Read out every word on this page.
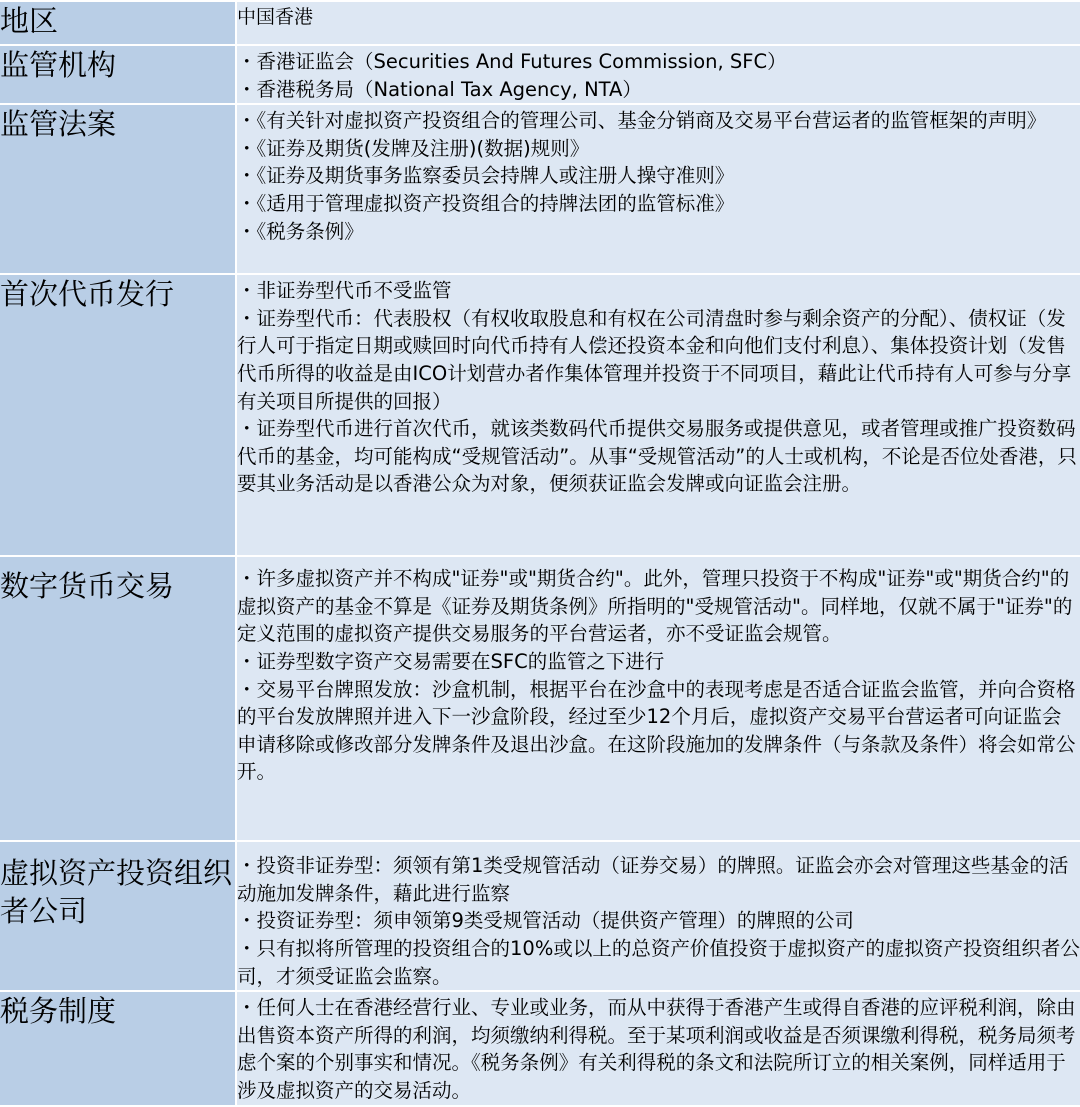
地区	中国香港

监管机构	・ 香港证监会（Securities And Futures Commission, SFC）
・ 香港税务局（National Tax Agency, NTA）

监管法案	・ 《有关针对虚拟资产投资组合的管理公司、基金分销商及交易平台营运者的监管框架的声明》
・ 《证券及期货(发牌及注册)(数据)规则》
・ 《证券及期货事务监察委员会持牌人或注册人操守准则》
・ 《适用于管理虚拟资产投资组合的持牌法团的监管标准》
・ 《税务条例》

首次代币发行	・ 非证券型代币不受监管
・ 证券型代币：代表股权（有权收取股息和有权在公司清盘时参与剩余资产的分配）、债权证（发行人可于指定日期或赎回时向代币持有人偿还投资本金和向他们支付利息）、集体投资计划（发售代币所得的收益是由ICO计划营办者作集体管理并投资于不同项目，藉此让代币持有人可参与分享有关项目所提供的回报）
・ 证券型代币进行首次代币，就该类数码代币提供交易服务或提供意见，或者管理或推广投资数码代币的基金，均可能构成“受规管活动”。从事“受规管活动”的人士或机构，不论是否位处香港，只要其业务活动是以香港公众为对象，便须获证监会发牌或向证监会注册。

数字货币交易	・ 许多虚拟资产并不构成"证券"或"期货合约"。此外，管理只投资于不构成"证券"或"期货合约"的虚拟资产的基金不算是《证券及期货条例》所指明的"受规管活动"。同样地，仅就不属于"证券"的定义范围的虚拟资产提供交易服务的平台营运者，亦不受证监会规管。
・ 证券型数字资产交易需要在SFC的监管之下进行
・ 交易平台牌照发放：沙盒机制，根据平台在沙盒中的表现考虑是否适合证监会监管，并向合资格的平台发放牌照并进入下一沙盒阶段，经过至少12个月后，虚拟资产交易平台营运者可向证监会申请移除或修改部分发牌条件及退出沙盒。在这阶段施加的发牌条件（与条款及条件）将会如常公开。

虚拟资产投资组织者公司	・ 投资非证券型：须领有第1类受规管活动（证券交易）的牌照。证监会亦会对管理这些基金的活动施加发牌条件，藉此进行监察
・ 投资证券型：须申领第9类受规管活动（提供资产管理）的牌照的公司
・ 只有拟将所管理的投资组合的10%或以上的总资产价值投资于虚拟资产的虚拟资产投资组织者公司，才须受证监会监察。

税务制度	・ 任何人士在香港经营行业、专业或业务，而从中获得于香港产生或得自香港的应评税利润，除由出售资本资产所得的利润，均须缴纳利得税。至于某项利润或收益是否须课缴利得税，税务局须考虑个案的个别事实和情况。《税务条例》有关利得税的条文和法院所订立的相关案例，同样适用于涉及虚拟资产的交易活动。
